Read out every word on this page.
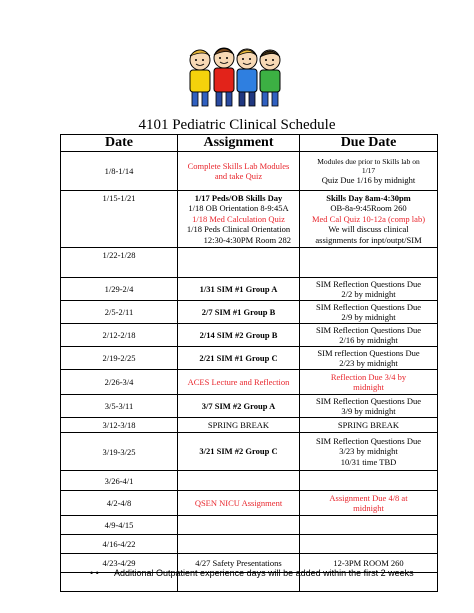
4101 Pediatric Clinical Schedule
Date	Assignment	Due Date
1/8-1/14	Complete Skills Lab Modules
and take Quiz	Modules due prior to Skills lab on
1/17
Quiz Due 1/16 by midnight

1/15-1/21	1/17 Peds/OB Skills Day
1/18 OB Orientation 8-9:45A
1/18 Med Calculation Quiz
1/18 Peds Clinical Orientation
12:30-4:30PM Room 282	Skills Day 8am-4:30pm
OB-8a-9:45Room 260
Med Cal Quiz 10-12a (comp lab)
We will discuss clinical
assignments for inpt/outpt/SIM

1/22-1/28		
1/29-2/4	1/31 SIM #1 Group A	SIM Reflection Questions Due
2/2 by midnight

2/5-2/11	2/7 SIM #1 Group B	SIM Reflection Questions Due
2/9 by midnight

2/12-2/18	2/14 SIM #2 Group B	SIM Reflection Questions Due
2/16 by midnight

2/19-2/25	2/21 SIM #1 Group C	SIM reflection Questions Due
2/23 by midnight

2/26-3/4	ACES Lecture and Reflection	Reflection Due 3/4 by
midnight

3/5-3/11	3/7 SIM #2 Group A	SIM Reflection Questions Due
3/9 by midnight

3/12-3/18	SPRING BREAK	SPRING BREAK
3/19-3/25	3/21 SIM #2 Group C	SIM Reflection Questions Due
3/23 by midnight
10/31 time TBD

3/26-4/1		
4/2-4/8	QSEN NICU Assignment	Assignment Due 4/8 at
midnight

4/9-4/15		
4/16-4/22		
4/23-4/29	4/27 Safety Presentations	12-3PM ROOM 260

• • Additional Outpatient experience days will be added within the first 2 weeks
